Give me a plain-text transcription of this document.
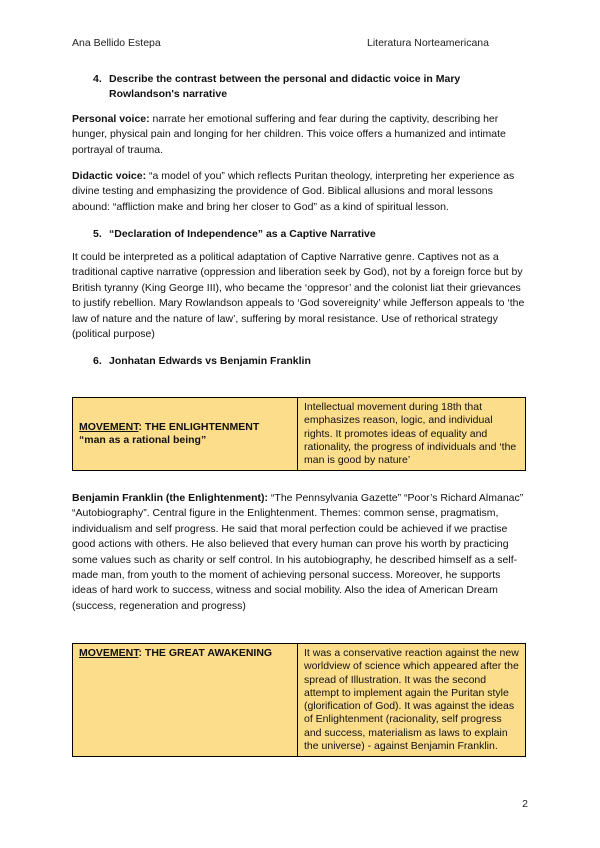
Ana Bellido Estepa	Literatura Norteamericana
4. Describe the contrast between the personal and didactic voice in Mary Rowlandson's narrative
Personal voice: narrate her emotional suffering and fear during the captivity, describing her hunger, physical pain and longing for her children. This voice offers a humanized and intimate portrayal of trauma.
Didactic voice: “a model of you” which reflects Puritan theology, interpreting her experience as divine testing and emphasizing the providence of God. Biblical allusions and moral lessons abound: “affliction make and bring her closer to God” as a kind of spiritual lesson.
5. “Declaration of Independence” as a Captive Narrative
It could be interpreted as a political adaptation of Captive Narrative genre. Captives not as a traditional captive narrative (oppression and liberation seek by God), not by a foreign force but by British tyranny (King George III), who became the ‘oppresor’ and the colonist liat their grievances to justify rebellion. Mary Rowlandson appeals to ‘God sovereignity’ while Jefferson appeals to ‘the law of nature and the nature of law’, suffering by moral resistance. Use of rethorical strategy (political purpose)
6. Jonhatan Edwards vs Benjamin Franklin
MOVEMENT: THE ENLIGHTENMENT
“man as a rational being”	Intellectual movement during 18th that emphasizes reason, logic, and individual rights. It promotes ideas of equality and rationality, the progress of individuals and ‘the man is good by nature’
Benjamin Franklin (the Enlightenment): “The Pennsylvania Gazette” “Poor’s Richard Almanac” “Autobiography”. Central figure in the Enlightenment. Themes: common sense, pragmatism, individualism and self progress. He said that moral perfection could be achieved if we practise good actions with others. He also believed that every human can prove his worth by practicing some values such as charity or self control. In his autobiography, he described himself as a self-made man, from youth to the moment of achieving personal success. Moreover, he supports ideas of hard work to success, witness and social mobility. Also the idea of American Dream (success, regeneration and progress)
MOVEMENT: THE GREAT AWAKENING	It was a conservative reaction against the new worldview of science which appeared after the spread of Illustration. It was the second attempt to implement again the Puritan style (glorification of God). It was against the ideas of Enlightenment (racionality, self progress and success, materialism as laws to explain the universe) - against Benjamin Franklin.
2
